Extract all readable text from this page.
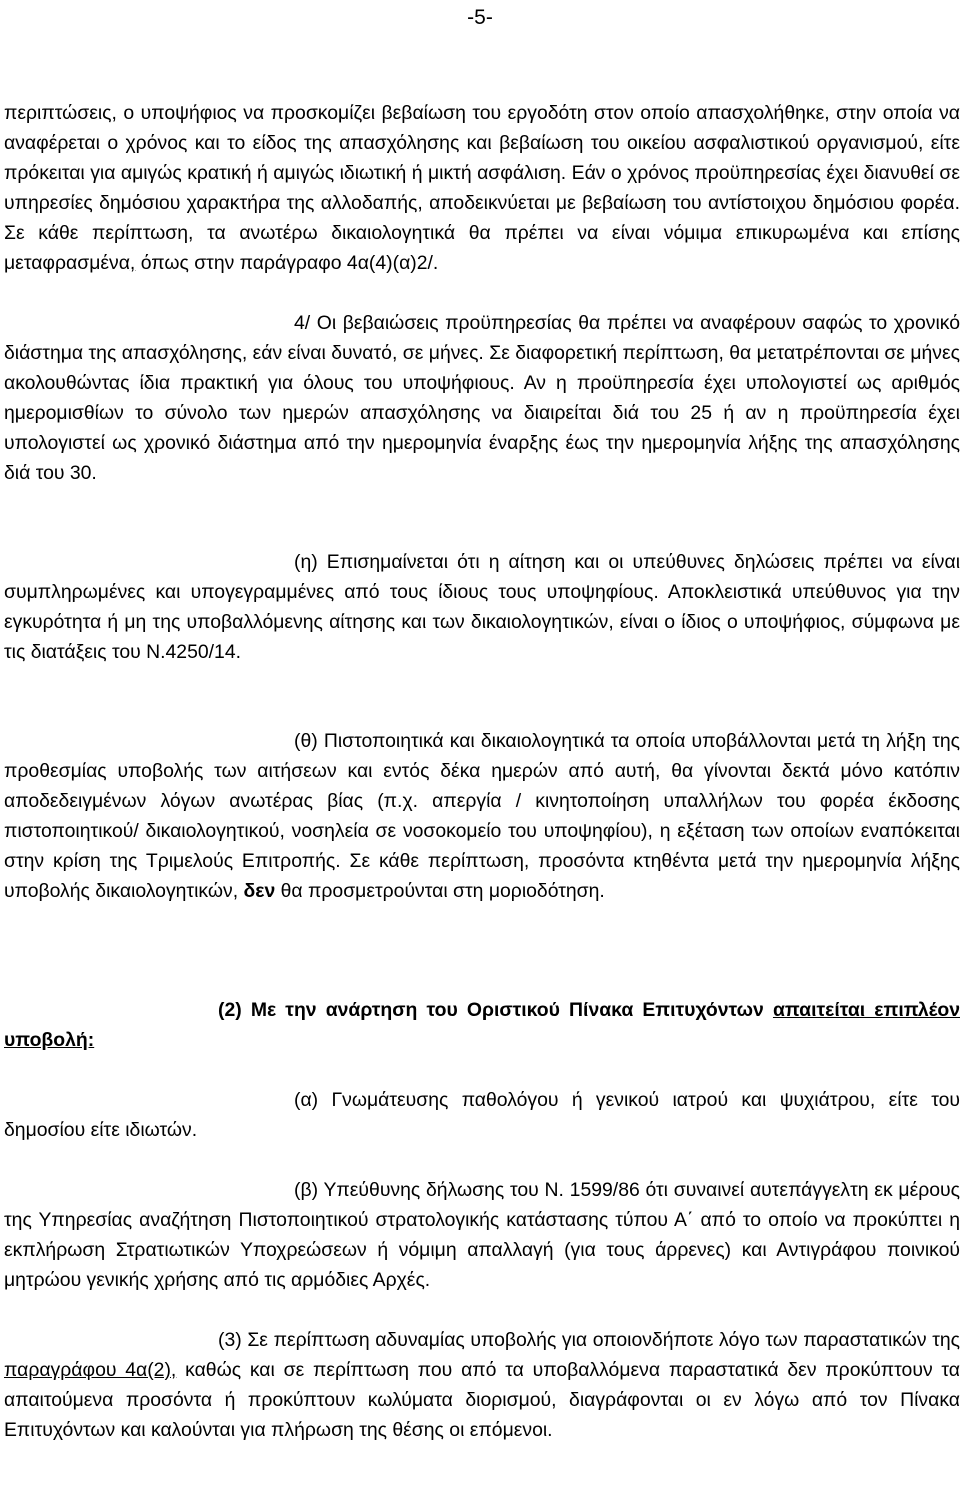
-5-

περιπτώσεις, ο υποψήφιος να προσκομίζει βεβαίωση του εργοδότη στον οποίο απασχολήθηκε, στην οποία να αναφέρεται ο χρόνος και το είδος της απασχόλησης και βεβαίωση του οικείου ασφαλιστικού οργανισμού, είτε πρόκειται για αμιγώς κρατική ή αμιγώς ιδιωτική ή μικτή ασφάλιση. Εάν ο χρόνος προϋπηρεσίας έχει διανυθεί σε υπηρεσίες δημόσιου χαρακτήρα της αλλοδαπής, αποδεικνύεται με βεβαίωση του αντίστοιχου δημόσιου φορέα. Σε κάθε περίπτωση, τα ανωτέρω δικαιολογητικά θα πρέπει να είναι νόμιμα επικυρωμένα και επίσης μεταφρασμένα, όπως στην παράγραφο 4α(4)(α)2/.

4/ Οι βεβαιώσεις προϋπηρεσίας θα πρέπει να αναφέρουν σαφώς το χρονικό διάστημα της απασχόλησης, εάν είναι δυνατό, σε μήνες. Σε διαφορετική περίπτωση, θα μετατρέπονται σε μήνες ακολουθώντας ίδια πρακτική για όλους του υποψήφιους. Αν η προϋπηρεσία έχει υπολογιστεί ως αριθμός ημερομισθίων το σύνολο των ημερών απασχόλησης να διαιρείται διά του 25 ή αν η προϋπηρεσία έχει υπολογιστεί ως χρονικό διάστημα από την ημερομηνία έναρξης έως την ημερομηνία λήξης της απασχόλησης διά του 30.

(η) Επισημαίνεται ότι η αίτηση και οι υπεύθυνες δηλώσεις πρέπει να είναι συμπληρωμένες και υπογεγραμμένες από τους ίδιους τους υποψηφίους. Αποκλειστικά υπεύθυνος για την εγκυρότητα ή μη της υποβαλλόμενης αίτησης και των δικαιολογητικών, είναι ο ίδιος ο υποψήφιος, σύμφωνα με τις διατάξεις του Ν.4250/14.

(θ) Πιστοποιητικά και δικαιολογητικά τα οποία υποβάλλονται μετά τη λήξη της προθεσμίας υποβολής των αιτήσεων και εντός δέκα ημερών από αυτή, θα γίνονται δεκτά μόνο κατόπιν αποδεδειγμένων λόγων ανωτέρας βίας (π.χ. απεργία / κινητοποίηση υπαλλήλων του φορέα έκδοσης πιστοποιητικού/ δικαιολογητικού, νοσηλεία σε νοσοκομείο του υποψηφίου), η εξέταση των οποίων εναπόκειται στην κρίση της Τριμελούς Επιτροπής. Σε κάθε περίπτωση, προσόντα κτηθέντα μετά την ημερομηνία λήξης υποβολής δικαιολογητικών, δεν θα προσμετρούνται στη μοριοδότηση.

(2) Με την ανάρτηση του Οριστικού Πίνακα Επιτυχόντων απαιτείται επιπλέον υποβολή:

(α) Γνωμάτευσης παθολόγου ή γενικού ιατρού και ψυχιάτρου, είτε του δημοσίου είτε ιδιωτών.

(β) Υπεύθυνης δήλωσης του Ν. 1599/86 ότι συναινεί αυτεπάγγελτη εκ μέρους της Υπηρεσίας αναζήτηση Πιστοποιητικού στρατολογικής κατάστασης τύπου Α΄ από το οποίο να προκύπτει η εκπλήρωση Στρατιωτικών Υποχρεώσεων ή νόμιμη απαλλαγή (για τους άρρενες) και Αντιγράφου ποινικού μητρώου γενικής χρήσης από τις αρμόδιες Αρχές.

(3) Σε περίπτωση αδυναμίας υποβολής για οποιονδήποτε λόγο των παραστατικών της παραγράφου 4α(2), καθώς και σε περίπτωση που από τα υποβαλλόμενα παραστατικά δεν προκύπτουν τα απαιτούμενα προσόντα ή προκύπτουν κωλύματα διορισμού, διαγράφονται οι εν λόγω από τον Πίνακα Επιτυχόντων και καλούνται για πλήρωση της θέσης οι επόμενοι.
